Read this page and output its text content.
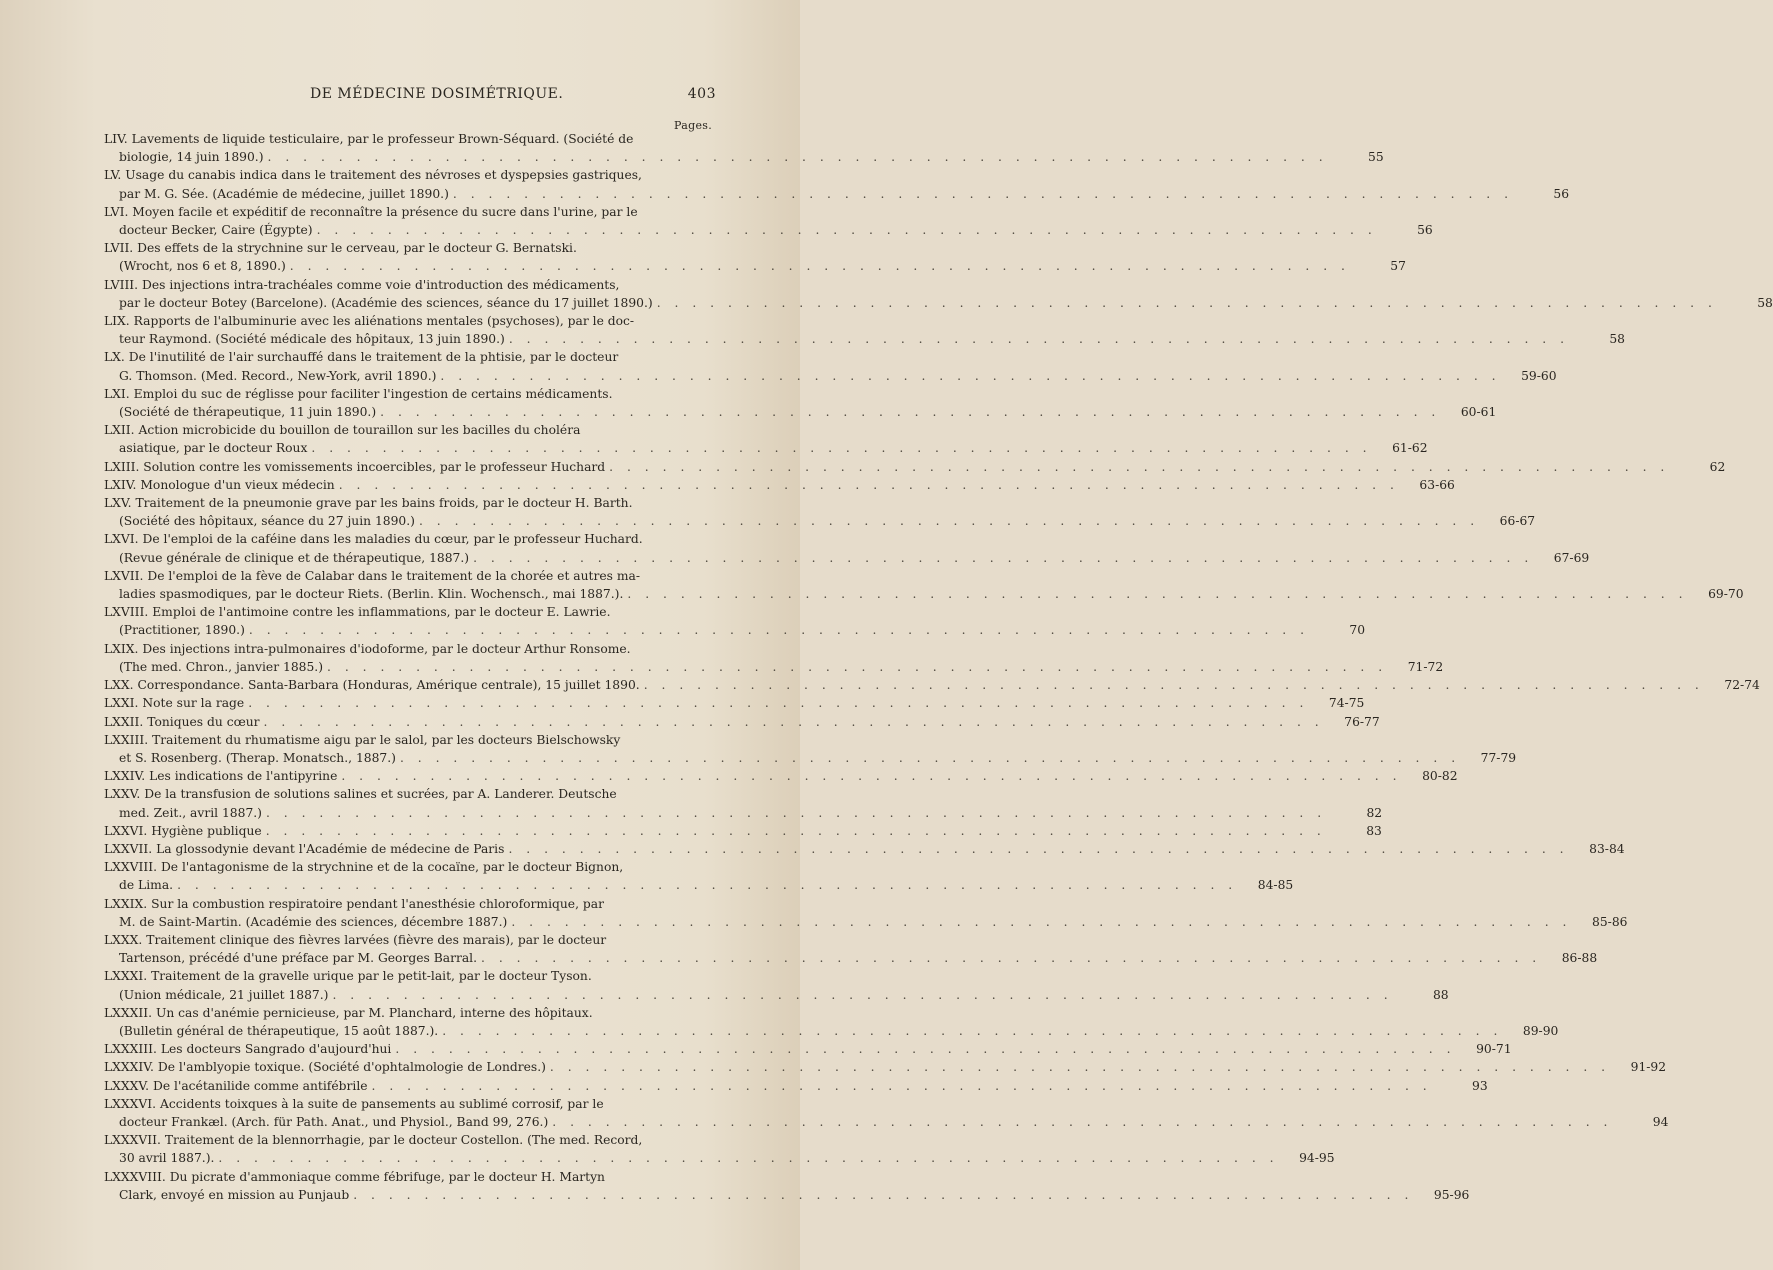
DE MÉDECINE DOSIMÉTRIQUE.	403
Pages.
LIV. Lavements de liquide testiculaire, par le professeur Brown-Séquard. (Société de
biologie, 14 juin 1890.) . . . . . . . . . . . . . . . . . . . . . . . . . . . . . . . . . . . . . . . . . . . . . . . . . . . . . . . . . . . .	55
LV. Usage du canabis indica dans le traitement des névroses et dyspepsies gastriques,
par M. G. Sée. (Académie de médecine, juillet 1890.) . . . . . . . . . . . . . . . . . . . . . . . . . . . . . . . . . . . . . . . . . . . . . . . . . . . . . . . . . . . .	56
LVI. Moyen facile et expéditif de reconnaître la présence du sucre dans l'urine, par le
docteur Becker, Caire (Égypte) . . . . . . . . . . . . . . . . . . . . . . . . . . . . . . . . . . . . . . . . . . . . . . . . . . . . . . . . . . . .	56
LVII. Des effets de la strychnine sur le cerveau, par le docteur G. Bernatski.
(Wrocht, nos 6 et 8, 1890.) . . . . . . . . . . . . . . . . . . . . . . . . . . . . . . . . . . . . . . . . . . . . . . . . . . . . . . . . . . . .	57
LVIII. Des injections intra-trachéales comme voie d'introduction des médicaments,
par le docteur Botey (Barcelone). (Académie des sciences, séance du 17 juillet 1890.) . . . . . . . . . . . . . . . . . . . . . . . . . . . . . . . . . . . . . . . . . . . . . . . . . . . . . . . . . . . .	58
LIX. Rapports de l'albuminurie avec les aliénations mentales (psychoses), par le doc-
teur Raymond. (Société médicale des hôpitaux, 13 juin 1890.) . . . . . . . . . . . . . . . . . . . . . . . . . . . . . . . . . . . . . . . . . . . . . . . . . . . . . . . . . . . .	58
LX. De l'inutilité de l'air surchauffé dans le traitement de la phtisie, par le docteur
G. Thomson. (Med. Record., New-York, avril 1890.) . . . . . . . . . . . . . . . . . . . . . . . . . . . . . . . . . . . . . . . . . . . . . . . . . . . . . . . . . . . .	59-60
LXI. Emploi du suc de réglisse pour faciliter l'ingestion de certains médicaments.
(Société de thérapeutique, 11 juin 1890.) . . . . . . . . . . . . . . . . . . . . . . . . . . . . . . . . . . . . . . . . . . . . . . . . . . . . . . . . . . . .	60-61
LXII. Action microbicide du bouillon de touraillon sur les bacilles du choléra
asiatique, par le docteur Roux . . . . . . . . . . . . . . . . . . . . . . . . . . . . . . . . . . . . . . . . . . . . . . . . . . . . . . . . . . . .	61-62
LXIII. Solution contre les vomissements incoercibles, par le professeur Huchard . . . . . . . . . . . . . . . . . . . . . . . . . . . . . . . . . . . . . . . . . . . . . . . . . . . . . . . . . . . .	62
LXIV. Monologue d'un vieux médecin . . . . . . . . . . . . . . . . . . . . . . . . . . . . . . . . . . . . . . . . . . . . . . . . . . . . . . . . . . . .	63-66
LXV. Traitement de la pneumonie grave par les bains froids, par le docteur H. Barth.
(Société des hôpitaux, séance du 27 juin 1890.) . . . . . . . . . . . . . . . . . . . . . . . . . . . . . . . . . . . . . . . . . . . . . . . . . . . . . . . . . . . .	66-67
LXVI. De l'emploi de la caféine dans les maladies du cœur, par le professeur Huchard.
(Revue générale de clinique et de thérapeutique, 1887.) . . . . . . . . . . . . . . . . . . . . . . . . . . . . . . . . . . . . . . . . . . . . . . . . . . . . . . . . . . . .	67-69
LXVII. De l'emploi de la fève de Calabar dans le traitement de la chorée et autres ma-
ladies spasmodiques, par le docteur Riets. (Berlin. Klin. Wochensch., mai 1887.). . . . . . . . . . . . . . . . . . . . . . . . . . . . . . . . . . . . . . . . . . . . . . . . . . . . . . . . . . . . .	69-70
LXVIII. Emploi de l'antimoine contre les inflammations, par le docteur E. Lawrie.
(Practitioner, 1890.) . . . . . . . . . . . . . . . . . . . . . . . . . . . . . . . . . . . . . . . . . . . . . . . . . . . . . . . . . . . .	70
LXIX. Des injections intra-pulmonaires d'iodoforme, par le docteur Arthur Ronsome.
(The med. Chron., janvier 1885.) . . . . . . . . . . . . . . . . . . . . . . . . . . . . . . . . . . . . . . . . . . . . . . . . . . . . . . . . . . . .	71-72
LXX. Correspondance. Santa-Barbara (Honduras, Amérique centrale), 15 juillet 1890. . . . . . . . . . . . . . . . . . . . . . . . . . . . . . . . . . . . . . . . . . . . . . . . . . . . . . . . . . . . .	72-74
LXXI. Note sur la rage . . . . . . . . . . . . . . . . . . . . . . . . . . . . . . . . . . . . . . . . . . . . . . . . . . . . . . . . . . . .	74-75
LXXII. Toniques du cœur . . . . . . . . . . . . . . . . . . . . . . . . . . . . . . . . . . . . . . . . . . . . . . . . . . . . . . . . . . . .	76-77
LXXIII. Traitement du rhumatisme aigu par le salol, par les docteurs Bielschowsky
et S. Rosenberg. (Therap. Monatsch., 1887.) . . . . . . . . . . . . . . . . . . . . . . . . . . . . . . . . . . . . . . . . . . . . . . . . . . . . . . . . . . . .	77-79
LXXIV. Les indications de l'antipyrine . . . . . . . . . . . . . . . . . . . . . . . . . . . . . . . . . . . . . . . . . . . . . . . . . . . . . . . . . . . .	80-82
LXXV. De la transfusion de solutions salines et sucrées, par A. Landerer. Deutsche
med. Zeit., avril 1887.) . . . . . . . . . . . . . . . . . . . . . . . . . . . . . . . . . . . . . . . . . . . . . . . . . . . . . . . . . . . .	82
LXXVI. Hygiène publique . . . . . . . . . . . . . . . . . . . . . . . . . . . . . . . . . . . . . . . . . . . . . . . . . . . . . . . . . . . .	83
LXXVII. La glossodynie devant l'Académie de médecine de Paris . . . . . . . . . . . . . . . . . . . . . . . . . . . . . . . . . . . . . . . . . . . . . . . . . . . . . . . . . . . .	83-84
LXXVIII. De l'antagonisme de la strychnine et de la cocaïne, par le docteur Bignon,
de Lima. . . . . . . . . . . . . . . . . . . . . . . . . . . . . . . . . . . . . . . . . . . . . . . . . . . . . . . . . . . . .	84-85
LXXIX. Sur la combustion respiratoire pendant l'anesthésie chloroformique, par
M. de Saint-Martin. (Académie des sciences, décembre 1887.) . . . . . . . . . . . . . . . . . . . . . . . . . . . . . . . . . . . . . . . . . . . . . . . . . . . . . . . . . . . .	85-86
LXXX. Traitement clinique des fièvres larvées (fièvre des marais), par le docteur
Tartenson, précédé d'une préface par M. Georges Barral. . . . . . . . . . . . . . . . . . . . . . . . . . . . . . . . . . . . . . . . . . . . . . . . . . . . . . . . . . . . .	86-88
LXXXI. Traitement de la gravelle urique par le petit-lait, par le docteur Tyson.
(Union médicale, 21 juillet 1887.) . . . . . . . . . . . . . . . . . . . . . . . . . . . . . . . . . . . . . . . . . . . . . . . . . . . . . . . . . . . .	88
LXXXII. Un cas d'anémie pernicieuse, par M. Planchard, interne des hôpitaux.
(Bulletin général de thérapeutique, 15 août 1887.). . . . . . . . . . . . . . . . . . . . . . . . . . . . . . . . . . . . . . . . . . . . . . . . . . . . . . . . . . . . .	89-90
LXXXIII. Les docteurs Sangrado d'aujourd'hui . . . . . . . . . . . . . . . . . . . . . . . . . . . . . . . . . . . . . . . . . . . . . . . . . . . . . . . . . . . .	90-71
LXXXIV. De l'amblyopie toxique. (Société d'ophtalmologie de Londres.) . . . . . . . . . . . . . . . . . . . . . . . . . . . . . . . . . . . . . . . . . . . . . . . . . . . . . . . . . . . .	91-92
LXXXV. De l'acétanilide comme antifébrile . . . . . . . . . . . . . . . . . . . . . . . . . . . . . . . . . . . . . . . . . . . . . . . . . . . . . . . . . . . .	93
LXXXVI. Accidents toixques à la suite de pansements au sublimé corrosif, par le
docteur Frankæl. (Arch. für Path. Anat., und Physiol., Band 99, 276.) . . . . . . . . . . . . . . . . . . . . . . . . . . . . . . . . . . . . . . . . . . . . . . . . . . . . . . . . . . . .	94
LXXXVII. Traitement de la blennorrhagie, par le docteur Costellon. (The med. Record,
30 avril 1887.). . . . . . . . . . . . . . . . . . . . . . . . . . . . . . . . . . . . . . . . . . . . . . . . . . . . . . . . . . . . .	94-95
LXXXVIII. Du picrate d'ammoniaque comme fébrifuge, par le docteur H. Martyn
Clark, envoyé en mission au Punjaub . . . . . . . . . . . . . . . . . . . . . . . . . . . . . . . . . . . . . . . . . . . . . . . . . . . . . . . . . . . .	95-96
